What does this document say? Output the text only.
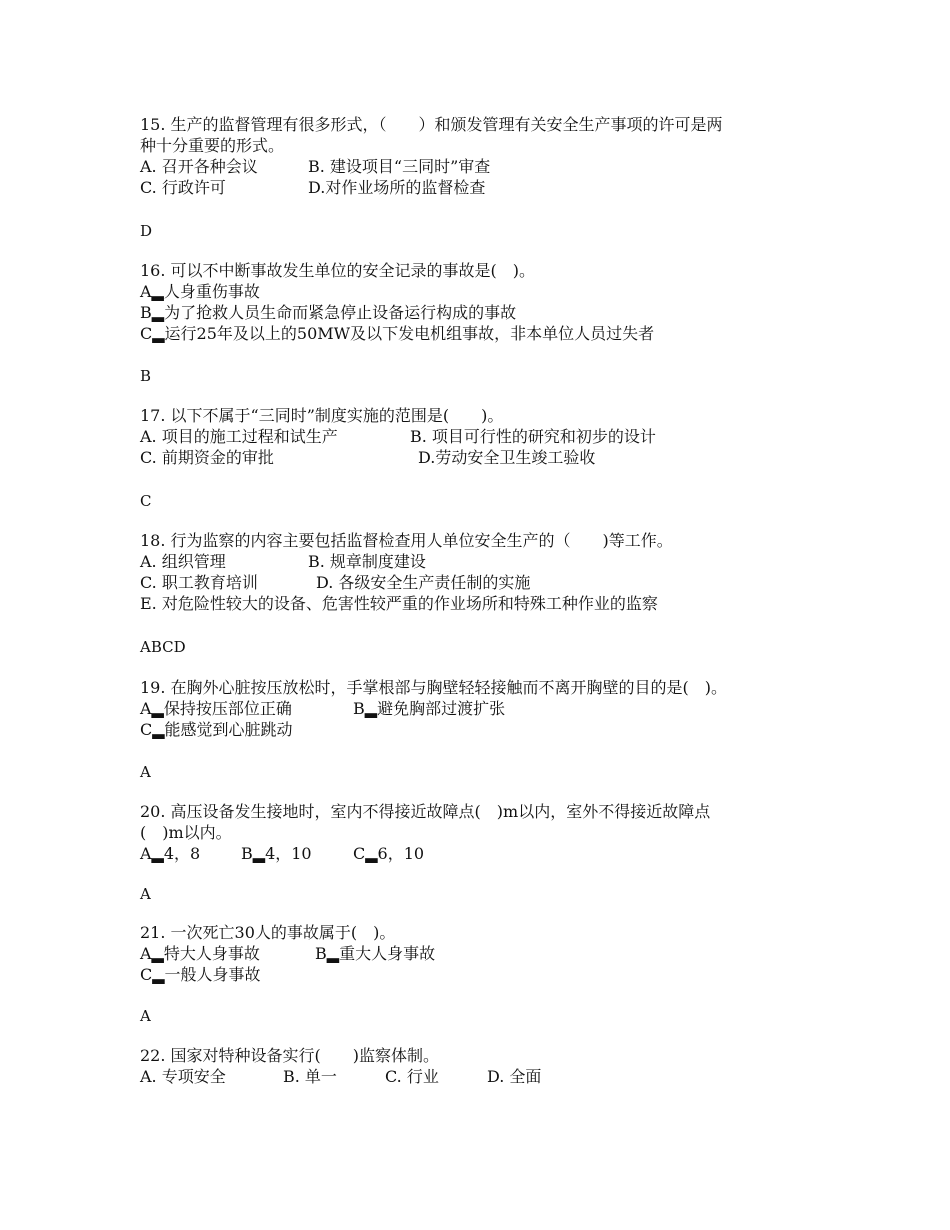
15. 生产的监督管理有很多形式，（　　）和颁发管理有关安全生产事项的许可是两
种十分重要的形式。
A. 召开各种会议	B. 建设项目“三同时”审查
C. 行政许可	D.对作业场所的监督检查
D
16. 可以不中断事故发生单位的安全记录的事故是(　)。
A▂人身重伤事故
B▂为了抢救人员生命而紧急停止设备运行构成的事故
C▂运行25年及以上的50MW及以下发电机组事故，非本单位人员过失者
B
17. 以下不属于“三同时”制度实施的范围是(　　)。
A. 项目的施工过程和试生产	B. 项目可行性的研究和初步的设计
C. 前期资金的审批	D.劳动安全卫生竣工验收
C
18. 行为监察的内容主要包括监督检查用人单位安全生产的（　　)等工作。
A. 组织管理	B. 规章制度建设
C. 职工教育培训	D. 各级安全生产责任制的实施
E. 对危险性较大的设备、危害性较严重的作业场所和特殊工种作业的监察
ABCD
19. 在胸外心脏按压放松时，手掌根部与胸壁轻轻接触而不离开胸壁的目的是(　)。
A▂保持按压部位正确	B▂避免胸部过渡扩张
C▂能感觉到心脏跳动
A
20. 高压设备发生接地时，室内不得接近故障点(　)m以内，室外不得接近故障点
(　)m以内。
A▂4，8	B▂4，10	C▂6，10
A
21. 一次死亡30人的事故属于(　)。
A▂特大人身事故	B▂重大人身事故
C▂一般人身事故
A
22. 国家对特种设备实行(　　)监察体制。
A. 专项安全	B. 单一	C. 行业	D. 全面
